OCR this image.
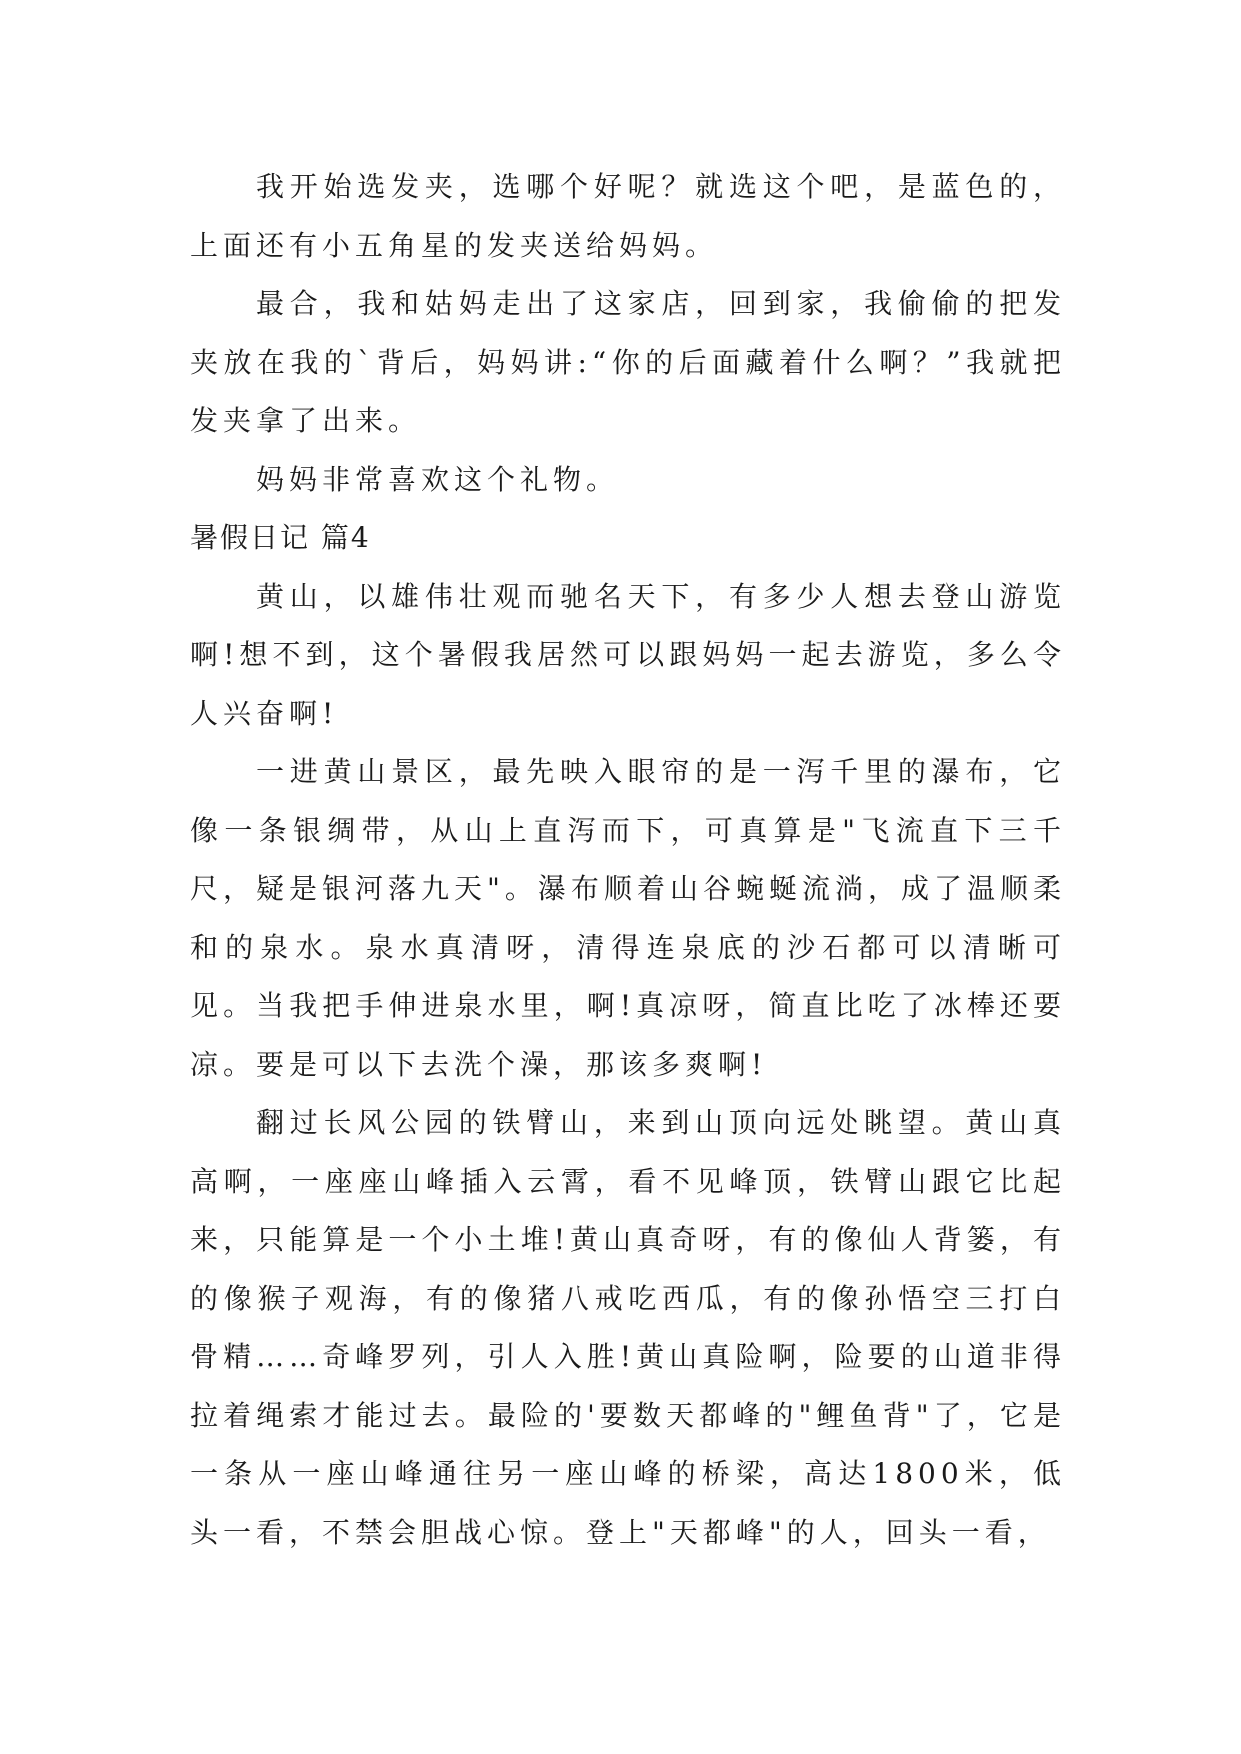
我开始选发夹，选哪个好呢？就选这个吧，是蓝色的，上面还有小五角星的发夹送给妈妈。

最合，我和姑妈走出了这家店，回到家，我偷偷的把发夹放在我的`背后，妈妈讲:“你的后面藏着什么啊？”我就把发夹拿了出来。

妈妈非常喜欢这个礼物。

暑假日记 篇4

黄山，以雄伟壮观而驰名天下，有多少人想去登山游览啊!想不到，这个暑假我居然可以跟妈妈一起去游览，多么令人兴奋啊!

一进黄山景区，最先映入眼帘的是一泻千里的瀑布，它像一条银绸带，从山上直泻而下，可真算是"飞流直下三千尺，疑是银河落九天"。瀑布顺着山谷蜿蜒流淌，成了温顺柔和的泉水。泉水真清呀，清得连泉底的沙石都可以清晰可见。当我把手伸进泉水里，啊!真凉呀，简直比吃了冰棒还要凉。要是可以下去洗个澡，那该多爽啊!

翻过长风公园的铁臂山，来到山顶向远处眺望。黄山真高啊，一座座山峰插入云霄，看不见峰顶，铁臂山跟它比起来，只能算是一个小土堆!黄山真奇呀，有的像仙人背篓，有的像猴子观海，有的像猪八戒吃西瓜，有的像孙悟空三打白骨精……奇峰罗列，引人入胜!黄山真险啊，险要的山道非得拉着绳索才能过去。最险的'要数天都峰的"鲤鱼背"了，它是一条从一座山峰通往另一座山峰的桥梁，高达1800米，低头一看，不禁会胆战心惊。登上"天都峰"的人，回头一看，
